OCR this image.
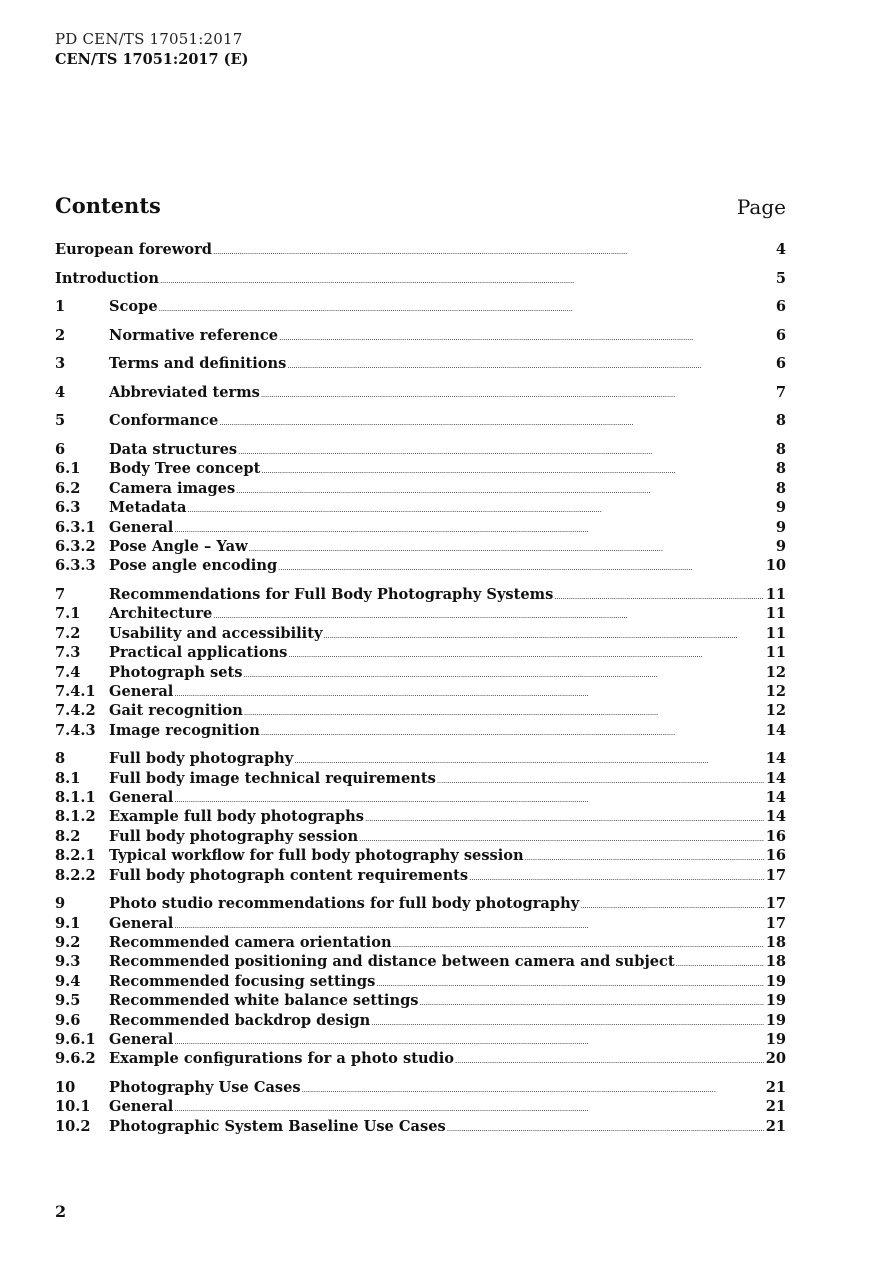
PD CEN/TS 17051:2017
CEN/TS 17051:2017 (E)
Contents	Page
European foreword . . .	4
Introduction . . .	5
1	Scope . . .	6
2	Normative reference . . .	6
3	Terms and definitions . . .	6
4	Abbreviated terms . . .	7
5	Conformance . . .	8
6	Data structures . . .	8
6.1	Body Tree concept . . .	8
6.2	Camera images . . .	8
6.3	Metadata . . .	9
6.3.1 General . . .	9
6.3.2 Pose Angle – Yaw . . .	9
6.3.3 Pose angle encoding . . .	10
7	Recommendations for Full Body Photography Systems . . .	11
7.1	Architecture . . .	11
7.2	Usability and accessibility . . .	11
7.3	Practical applications . . .	11
7.4	Photograph sets . . .	12
7.4.1 General . . .	12
7.4.2 Gait recognition . . .	12
7.4.3 Image recognition . . .	14
8	Full body photography . . .	14
8.1	Full body image technical requirements . . .	14
8.1.1 General . . .	14
8.1.2 Example full body photographs . . .	14
8.2	Full body photography session . . .	16
8.2.1 Typical workflow for full body photography session . . .	16
8.2.2 Full body photograph content requirements . . .	17
9	Photo studio recommendations for full body photography . . .	17
9.1	General . . .	17
9.2	Recommended camera orientation . . .	18
9.3	Recommended positioning and distance between camera and subject . . .	18
9.4	Recommended focusing settings . . .	19
9.5	Recommended white balance settings . . .	19
9.6	Recommended backdrop design . . .	19
9.6.1 General . . .	19
9.6.2 Example configurations for a photo studio . . .	20
10	Photography Use Cases . . .	21
10.1	General . . .	21
10.2	Photographic System Baseline Use Cases . . .	21
2
